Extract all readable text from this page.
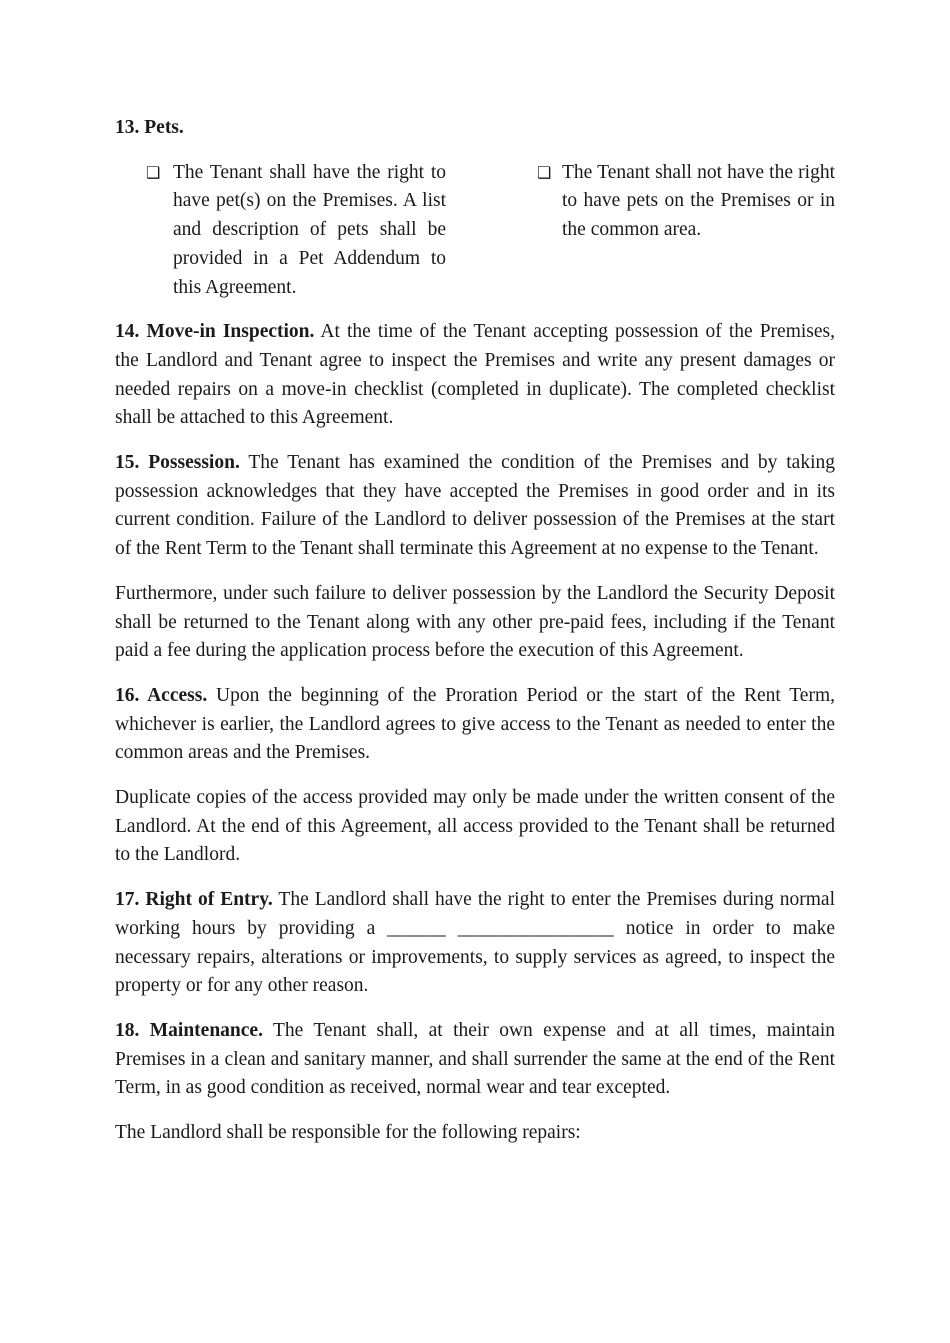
13. Pets.

❑ The Tenant shall have the right to have pet(s) on the Premises. A list and description of pets shall be provided in a Pet Addendum to this Agreement.
❑ The Tenant shall not have the right to have pets on the Premises or in the common area.

14. Move-in Inspection. At the time of the Tenant accepting possession of the Premises, the Landlord and Tenant agree to inspect the Premises and write any present damages or needed repairs on a move-in checklist (completed in duplicate). The completed checklist shall be attached to this Agreement.

15. Possession. The Tenant has examined the condition of the Premises and by taking possession acknowledges that they have accepted the Premises in good order and in its current condition. Failure of the Landlord to deliver possession of the Premises at the start of the Rent Term to the Tenant shall terminate this Agreement at no expense to the Tenant.

Furthermore, under such failure to deliver possession by the Landlord the Security Deposit shall be returned to the Tenant along with any other pre-paid fees, including if the Tenant paid a fee during the application process before the execution of this Agreement.

16. Access. Upon the beginning of the Proration Period or the start of the Rent Term, whichever is earlier, the Landlord agrees to give access to the Tenant as needed to enter the common areas and the Premises.

Duplicate copies of the access provided may only be made under the written consent of the Landlord. At the end of this Agreement, all access provided to the Tenant shall be returned to the Landlord.

17. Right of Entry. The Landlord shall have the right to enter the Premises during normal working hours by providing a ______ ________________ notice in order to make necessary repairs, alterations or improvements, to supply services as agreed, to inspect the property or for any other reason.

18. Maintenance. The Tenant shall, at their own expense and at all times, maintain Premises in a clean and sanitary manner, and shall surrender the same at the end of the Rent Term, in as good condition as received, normal wear and tear excepted.

The Landlord shall be responsible for the following repairs:
